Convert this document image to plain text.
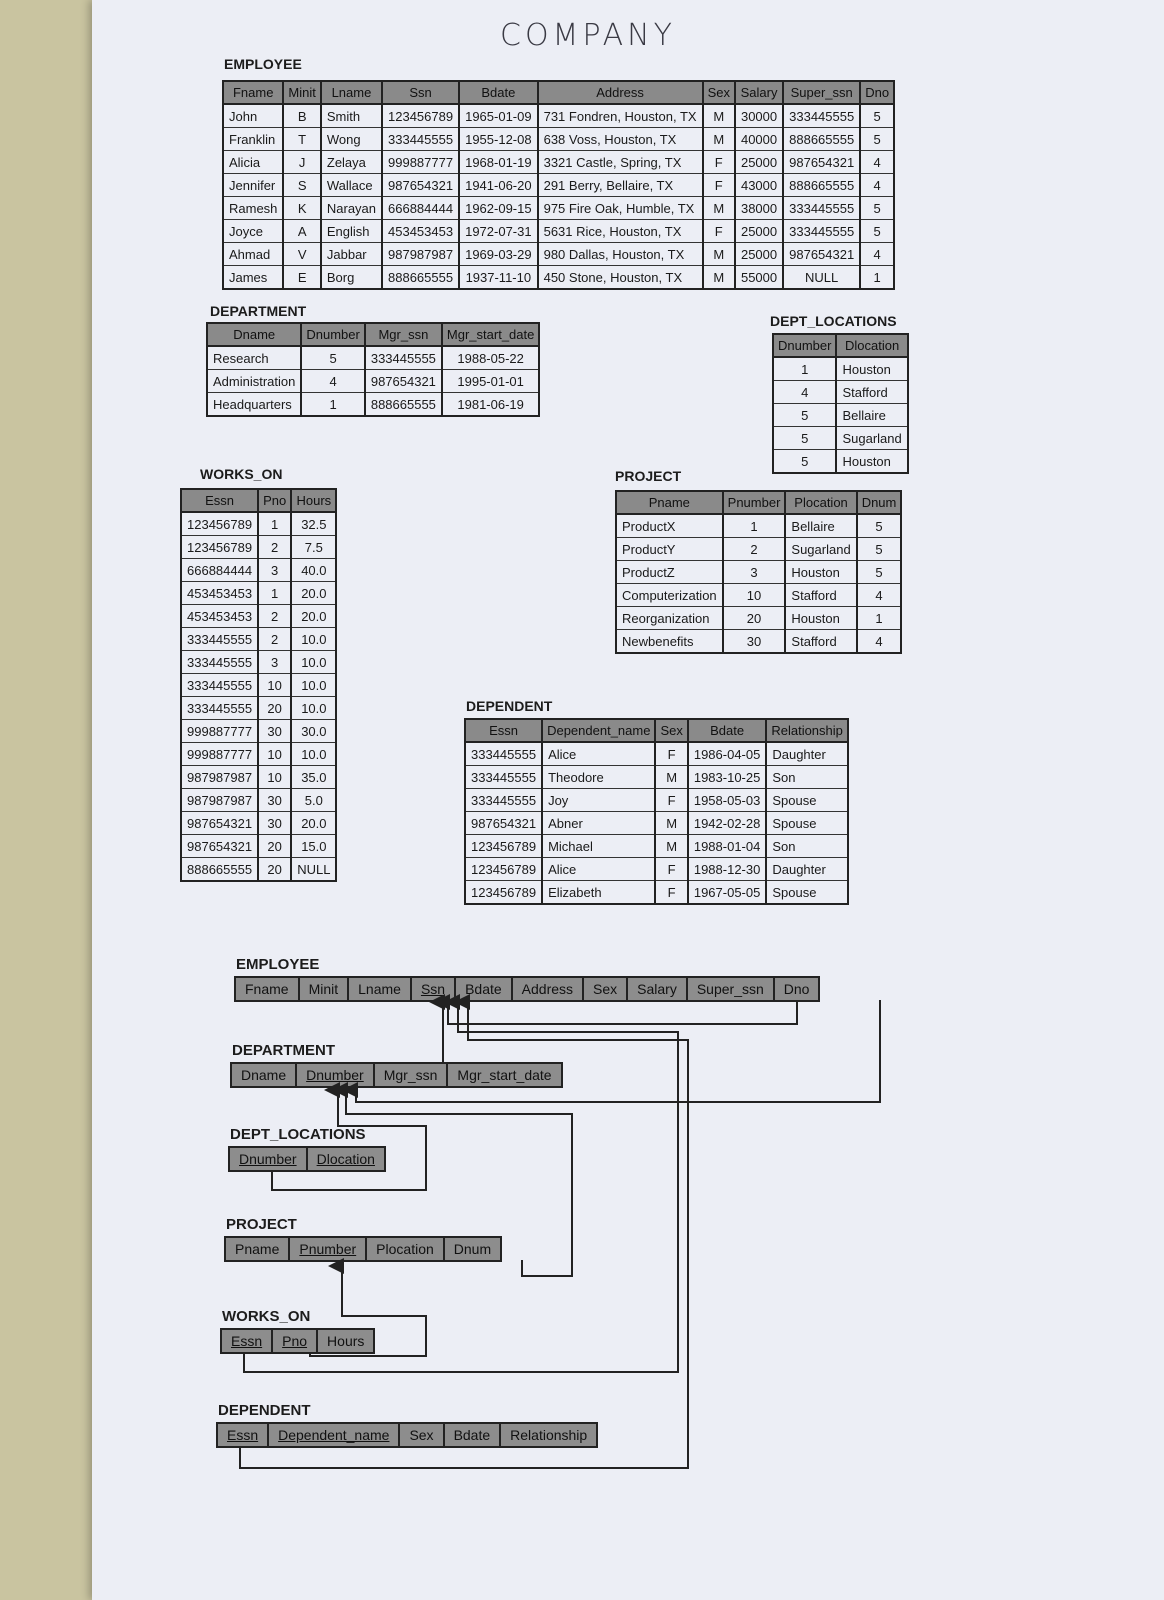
COMPANY
EMPLOYEE
Fname	Minit	Lname	Ssn	Bdate	Address	Sex	Salary	Super_ssn	Dno
John	B	Smith	123456789	1965-01-09	731 Fondren, Houston, TX	M	30000	333445555	5
Franklin	T	Wong	333445555	1955-12-08	638 Voss, Houston, TX	M	40000	888665555	5
Alicia	J	Zelaya	999887777	1968-01-19	3321 Castle, Spring, TX	F	25000	987654321	4
Jennifer	S	Wallace	987654321	1941-06-20	291 Berry, Bellaire, TX	F	43000	888665555	4
Ramesh	K	Narayan	666884444	1962-09-15	975 Fire Oak, Humble, TX	M	38000	333445555	5
Joyce	A	English	453453453	1972-07-31	5631 Rice, Houston, TX	F	25000	333445555	5
Ahmad	V	Jabbar	987987987	1969-03-29	980 Dallas, Houston, TX	M	25000	987654321	4
James	E	Borg	888665555	1937-11-10	450 Stone, Houston, TX	M	55000	NULL	1
DEPARTMENT
Dname	Dnumber	Mgr_ssn	Mgr_start_date
Research	5	333445555	1988-05-22
Administration	4	987654321	1995-01-01
Headquarters	1	888665555	1981-06-19
DEPT_LOCATIONS
Dnumber	Dlocation
1	Houston
4	Stafford
5	Bellaire
5	Sugarland
5	Houston
WORKS_ON
Essn	Pno	Hours
123456789	1	32.5
123456789	2	7.5
666884444	3	40.0
453453453	1	20.0
453453453	2	20.0
333445555	2	10.0
333445555	3	10.0
333445555	10	10.0
333445555	20	10.0
999887777	30	30.0
999887777	10	10.0
987987987	10	35.0
987987987	30	5.0
987654321	30	20.0
987654321	20	15.0
888665555	20	NULL
PROJECT
Pname	Pnumber	Plocation	Dnum
ProductX	1	Bellaire	5
ProductY	2	Sugarland	5
ProductZ	3	Houston	5
Computerization	10	Stafford	4
Reorganization	20	Houston	1
Newbenefits	30	Stafford	4
DEPENDENT
Essn	Dependent_name	Sex	Bdate	Relationship
333445555	Alice	F	1986-04-05	Daughter
333445555	Theodore	M	1983-10-25	Son
333445555	Joy	F	1958-05-03	Spouse
987654321	Abner	M	1942-02-28	Spouse
123456789	Michael	M	1988-01-04	Son
123456789	Alice	F	1988-12-30	Daughter
123456789	Elizabeth	F	1967-05-05	Spouse
EMPLOYEE
Fname	Minit	Lname	Ssn	Bdate	Address	Sex	Salary	Super_ssn	Dno
DEPARTMENT
Dname	Dnumber	Mgr_ssn	Mgr_start_date
DEPT_LOCATIONS
Dnumber	Dlocation
PROJECT
Pname	Pnumber	Plocation	Dnum
WORKS_ON
Essn	Pno	Hours
DEPENDENT
Essn	Dependent_name	Sex	Bdate	Relationship
